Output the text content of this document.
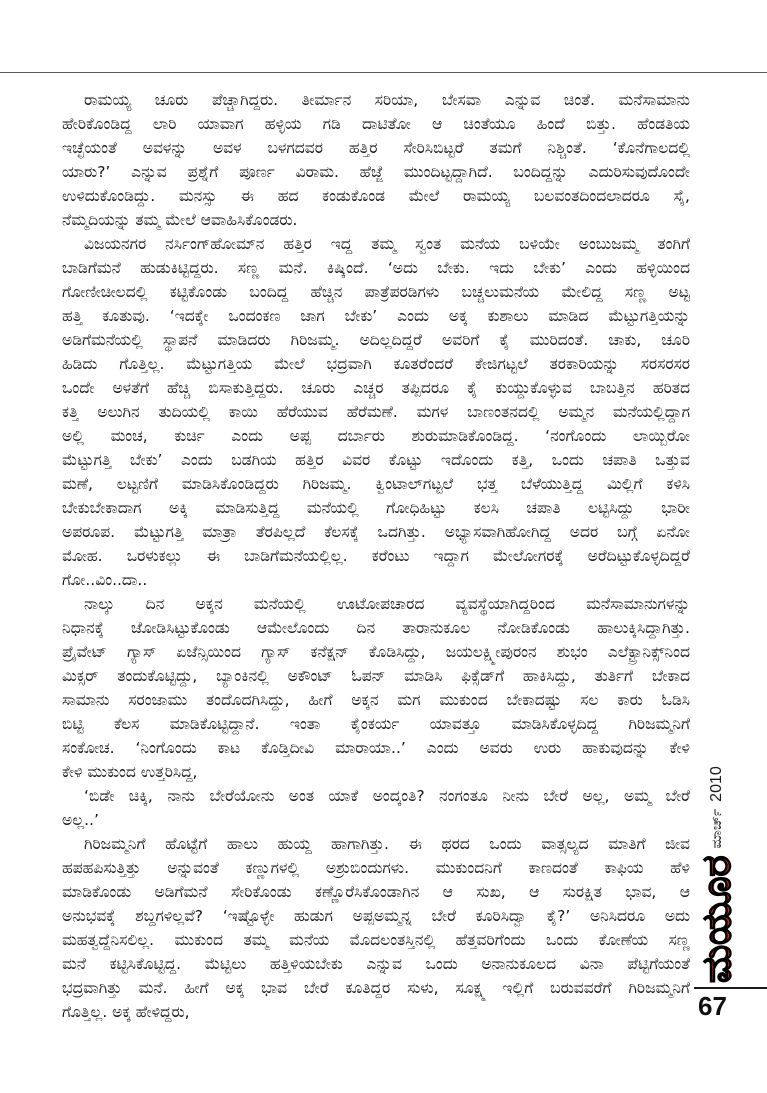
ರಾಮಯ್ಯ ಚೂರು ಪೆಚ್ಚಾಗಿದ್ದರು. ತೀರ್ಮಾನ ಸರಿಯಾ, ಬೇಸವಾ ಎನ್ನುವ ಚಿಂತೆ. ಮನೆಸಾಮಾನು
ಹೇರಿಕೊಂಡಿದ್ದ ಲಾರಿ ಯಾವಾಗ ಹಳ್ಳಿಯ ಗಡಿ ದಾಟಿತೋ ಆ ಚಿಂತೆಯೂ ಹಿಂದೆ ಬಿತ್ತು. ಹೆಂಡತಿಯ
ಇಚ್ಛೆಯಂತೆ ಅವಳನ್ನು ಅವಳ ಬಳಗದವರ ಹತ್ತಿರ ಸೇರಿಸಿಬಿಟ್ಟರೆ ತಮಗೆ ನಿಶ್ಚಿಂತೆ. ‘ಕೊನೆಗಾಲದಲ್ಲಿ
ಯಾರು?’ ಎನ್ನುವ ಪ್ರಶ್ನೆಗೆ ಪೂರ್ಣ ವಿರಾಮ. ಹೆಜ್ಜೆ ಮುಂದಿಟ್ಟದ್ದಾಗಿದೆ. ಬಂದಿದ್ದನ್ನು ಎದುರಿಸುವುದೊಂದೇ
ಉಳಿದುಕೊಂಡಿದ್ದು. ಮನಸ್ಸು ಈ ಹದ ಕಂಡುಕೊಂಡ ಮೇಲೆ ರಾಮಯ್ಯ ಬಲವಂತದಿಂದಲಾದರೂ ಸೈ,
ನೆಮ್ಮದಿಯನ್ನು ತಮ್ಮ ಮೇಲೆ ಆವಾಹಿಸಿಕೊಂಡರು.
ವಿಜಯನಗರ ನರ್ಸಿಂಗ್‌ಹೋಮ್‌ನ ಹತ್ತಿರ ಇದ್ದ ತಮ್ಮ ಸ್ವಂತ ಮನೆಯ ಬಳಿಯೇ ಅಂಬುಜಮ್ಮ ತಂಗಿಗೆ
ಬಾಡಿಗೆಮನೆ ಹುಡುಕಿಟ್ಟಿದ್ದರು. ಸಣ್ಣ ಮನೆ. ಕಿಷ್ಕಿಂದೆ. ‘ಅದು ಬೇಕು. ಇದು ಬೇಕು’ ಎಂದು ಹಳ್ಳಿಯಿಂದ
ಗೋಣೀಚೀಲದಲ್ಲಿ ಕಟ್ಟಿಕೊಂಡು ಬಂದಿದ್ದ ಹೆಚ್ಚಿನ ಪಾತ್ರೆಪರಡಿಗಳು ಬಚ್ಚಲುಮನೆಯ ಮೇಲಿದ್ದ ಸಣ್ಣ ಅಟ್ಟ
ಹತ್ತಿ ಕೂತುವು. ‘ಇದಕ್ಕೇ ಒಂದಂಕಣ ಜಾಗ ಬೇಕು’ ಎಂದು ಅಕ್ಕ ಕುಶಾಲು ಮಾಡಿದ ಮೆಟ್ಟುಗತ್ತಿಯನ್ನು
ಅಡಿಗೆಮನೆಯಲ್ಲಿ ಸ್ಥಾಪನೆ ಮಾಡಿದರು ಗಿರಿಜಮ್ಮ. ಅದಿಲ್ಲದಿದ್ದರೆ ಅವರಿಗೆ ಕೈ ಮುರಿದಂತೆ. ಚಾಕು, ಚೂರಿ
ಹಿಡಿದು ಗೊತ್ತಿಲ್ಲ. ಮೆಟ್ಟುಗತ್ತಿಯ ಮೇಲೆ ಭದ್ರವಾಗಿ ಕೂತರೆಂದರೆ ಕೇಜಿಗಟ್ಟಲೆ ತರಕಾರಿಯನ್ನು ಸರಸರಸರ
ಒಂದೇ ಅಳತೆಗೆ ಹೆಚ್ಚಿ ಬಿಸಾಕುತ್ತಿದ್ದರು. ಚೂರು ಎಚ್ಚರ ತಪ್ಪಿದರೂ ಕೈ ಕುಯ್ದುಕೊಳ್ಳುವ ಬಾಬತ್ತಿನ ಹರಿತದ
ಕತ್ತಿ ಅಲುಗಿನ ತುದಿಯಲ್ಲಿ ಕಾಯಿ ಹೆರೆಯುವ ಹೆರೆಮಣೆ. ಮಗಳ ಬಾಣಂತನದಲ್ಲಿ ಅಮ್ಮನ ಮನೆಯಲ್ಲಿದ್ದಾಗ
ಅಲ್ಲಿ ಮಂಚ, ಕುರ್ಚಿ ಎಂದು ಅಪ್ಪ ದರ್ಬಾರು ಶುರುಮಾಡಿಕೊಂಡಿದ್ದ. ‘ನಂಗೊಂದು ಲಾಯ್ಬಿರೋ
ಮೆಟ್ಟುಗತ್ತಿ ಬೇಕು’ ಎಂದು ಬಡಗಿಯ ಹತ್ತಿರ ವಿವರ ಕೊಟ್ಟು ಇದೊಂದು ಕತ್ತಿ, ಒಂದು ಚಪಾತಿ ಒತ್ತುವ
ಮಣೆ, ಲಟ್ಟಣಿಗೆ ಮಾಡಿಸಿಕೊಂಡಿದ್ದರು ಗಿರಿಜಮ್ಮ. ಕ್ವಿಂಟಾಲ್‌ಗಟ್ಟಲೆ ಭತ್ತ ಬೆಳೆಯುತ್ತಿದ್ದ ಮಿಲ್ಲಿಗೆ ಕಳಿಸಿ
ಬೇಕುಬೇಕಾದಾಗ ಅಕ್ಕಿ ಮಾಡಿಸುತ್ತಿದ್ದ ಮನೆಯಲ್ಲಿ ಗೋಧಿಹಿಟ್ಟು ಕಲಸಿ ಚಪಾತಿ ಲಟ್ಟಿಸಿದ್ದು ಭಾರೀ
ಅಪರೂಪ. ಮೆಟ್ಟುಗತ್ತಿ ಮಾತ್ರಾ ತೆರಪಿಲ್ಲದೆ ಕೆಲಸಕ್ಕೆ ಒದಗಿತ್ತು. ಅಭ್ಯಾಸವಾಗಿಹೋಗಿದ್ದ ಅದರ ಬಗ್ಗೆ ಏನೋ
ಮೋಹ. ಒರಳುಕಲ್ಲು ಈ ಬಾಡಿಗೆಮನೆಯಲ್ಲಿಲ್ಲ. ಕರೆಂಟು ಇದ್ದಾಗ ಮೇಲೋಗರಕ್ಕೆ ಅರೆದಿಟ್ಟುಕೊಳ್ಳದಿದ್ದರೆ
ಗೋ..ವಿಂ..ದಾ..
ನಾಲ್ಕು ದಿನ ಅಕ್ಕನ ಮನೆಯಲ್ಲಿ ಊಟೋಪಚಾರದ ವ್ಯವಸ್ಥೆಯಾಗಿದ್ದರಿಂದ ಮನೆಸಾಮಾನುಗಳನ್ನು
ನಿಧಾನಕ್ಕೆ ಜೋಡಿಸಿಟ್ಟುಕೊಂಡು ಆಮೇಲೊಂದು ದಿನ ತಾರಾನುಕೂಲ ನೋಡಿಕೊಂಡು ಹಾಲುಕ್ಕಿಸಿದ್ದಾಗಿತ್ತು.
ಪ್ರೈವೇಟ್ ಗ್ಯಾಸ್ ಏಜೆನ್ಸಿಯಿಂದ ಗ್ಯಾಸ್ ಕನೆಕ್ಷನ್ ಕೊಡಿಸಿದ್ದು, ಜಯಲಕ್ಷ್ಮೀಪುರಂನ ಶುಭಂ ಎಲೆಕ್ಟ್ರಾನಿಕ್ಸ್‌ನಿಂದ
ಮಿಕ್ಸರ್ ತಂದುಕೊಟ್ಟಿದ್ದು, ಬ್ಯಾಂಕಿನಲ್ಲಿ ಅಕೌಂಟ್ ಓಪನ್ ಮಾಡಿಸಿ ಫಿಕ್ಸೆಡ್‌ಗೆ ಹಾಕಿಸಿದ್ದು, ತುರ್ತಿಗೆ ಬೇಕಾದ
ಸಾಮಾನು ಸರಂಜಾಮು ತಂದೊದಗಿಸಿದ್ದು, ಹೀಗೆ ಅಕ್ಕನ ಮಗ ಮುಕುಂದ ಬೇಕಾದಷ್ಟು ಸಲ ಕಾರು ಓಡಿಸಿ
ಬಿಟ್ಟಿ ಕೆಲಸ ಮಾಡಿಕೊಟ್ಟಿದ್ದಾನೆ. ಇಂತಾ ಕೈಂಕರ್ಯ ಯಾವತ್ತೂ ಮಾಡಿಸಿಕೊಳ್ಳದಿದ್ದ ಗಿರಿಜಮ್ಮನಿಗೆ
ಸಂಕೋಚ. ‘ನಿಂಗೊಂದು ಕಾಟ ಕೊಡ್ತಿದೀವಿ ಮಾರಾಯಾ..’ ಎಂದು ಅವರು ಉರು ಹಾಕುವುದನ್ನು ಕೇಳಿ
ಕೇಳಿ ಮುಕುಂದ ಉತ್ತರಿಸಿದ್ದ,
‘ಬಿಡೇ ಚಿಕ್ಕಿ, ನಾನು ಬೇರೆಯೋನು ಅಂತ ಯಾಕೆ ಅಂದ್ಕಂತಿ? ನಂಗಂತೂ ನೀನು ಬೇರೆ ಅಲ್ಲ, ಅಮ್ಮ ಬೇರೆ
ಅಲ್ಲ..’
ಗಿರಿಜಮ್ಮನಿಗೆ ಹೊಟ್ಟೆಗೆ ಹಾಲು ಹುಯ್ದ ಹಾಗಾಗಿತ್ತು. ಈ ಥರದ ಒಂದು ವಾತ್ಸಲ್ಯದ ಮಾತಿಗೆ ಜೀವ
ಹಪಹಪಿಸುತ್ತಿತ್ತು ಅನ್ನುವಂತೆ ಕಣ್ಣುಗಳಲ್ಲಿ ಅಶ್ರುಬಿಂದುಗಳು. ಮುಕುಂದನಿಗೆ ಕಾಣದಂತೆ ಕಾಫಿಯ ಹೆಳಿ
ಮಾಡಿಕೊಂಡು ಅಡಿಗೆಮನೆ ಸೇರಿಕೊಂಡು ಕಣ್ಣೊರೆಸಿಕೊಂಡಾಗಿನ ಆ ಸುಖ, ಆ ಸುರಕ್ಷಿತ ಭಾವ, ಆ
ಅನುಭವಕ್ಕೆ ಶಬ್ದಗಳಿಲ್ಲವೆ? ‘ಇಷ್ಟೊಳ್ಳೇ ಹುಡುಗ ಅಪ್ಪಅಮ್ಮನ್ನ ಬೇರೆ ಕೂರಿಸಿದ್ವಾ ಕೈ?’ ಅನಿಸಿದರೂ ಅದು
ಮಹತ್ವದ್ದೆನಿಸಲಿಲ್ಲ. ಮುಕುಂದ ತಮ್ಮ ಮನೆಯ ಮೊದಲಂತಸ್ತಿನಲ್ಲಿ ಹೆತ್ತವರಿಗೆಂದು ಒಂದು ಕೋಣೆಯ ಸಣ್ಣ
ಮನೆ ಕಟ್ಟಿಸಿಕೊಟ್ಟಿದ್ದ. ಮೆಟ್ಟಿಲು ಹತ್ತಿಳಿಯಬೇಕು ಎನ್ನುವ ಒಂದು ಅನಾನುಕೂಲದ ವಿನಾ ಪೆಟ್ಟಿಗೆಯಂತೆ
ಭದ್ರವಾಗಿತ್ತು ಮನೆ. ಹೀಗೆ ಅಕ್ಕ ಭಾವ ಬೇರೆ ಕೂತಿದ್ದರ ಸುಳು, ಸೂಕ್ಷ್ಮ ಇಲ್ಲಿಗೆ ಬರುವವರೆಗೆ ಗಿರಿಜಮ್ಮನಿಗೆ
ಗೊತ್ತಿಲ್ಲ. ಅಕ್ಕ ಹೇಳಿದ್ದರು,
ಮಯೂರ
ಮಾರ್ಚ್
2010
67
